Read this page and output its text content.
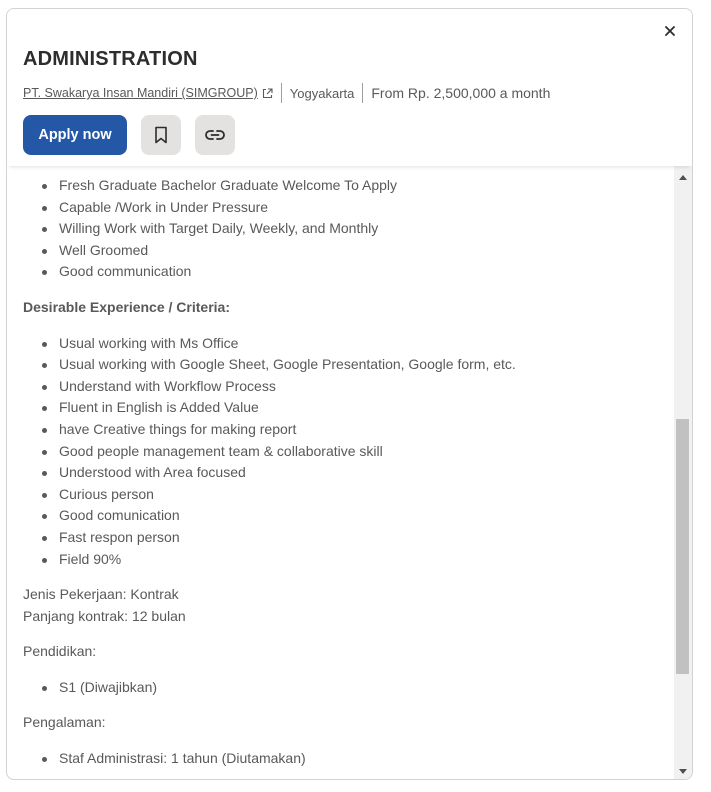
ADMINISTRATION
PT. Swakarya Insan Mandiri (SIMGROUP) Yogyakarta From Rp. 2,500,000 a month
Apply now
Fresh Graduate Bachelor Graduate Welcome To Apply
Capable /Work in Under Pressure
Willing Work with Target Daily, Weekly, and Monthly
Well Groomed
Good communication
Desirable Experience / Criteria:
Usual working with Ms Office
Usual working with Google Sheet, Google Presentation, Google form, etc.
Understand with Workflow Process
Fluent in English is Added Value
have Creative things for making report
Good people management team & collaborative skill
Understood with Area focused
Curious person
Good comunication
Fast respon person
Field 90%
Jenis Pekerjaan: Kontrak
Panjang kontrak: 12 bulan
Pendidikan:
S1 (Diwajibkan)
Pengalaman:
Staf Administrasi: 1 tahun (Diutamakan)
